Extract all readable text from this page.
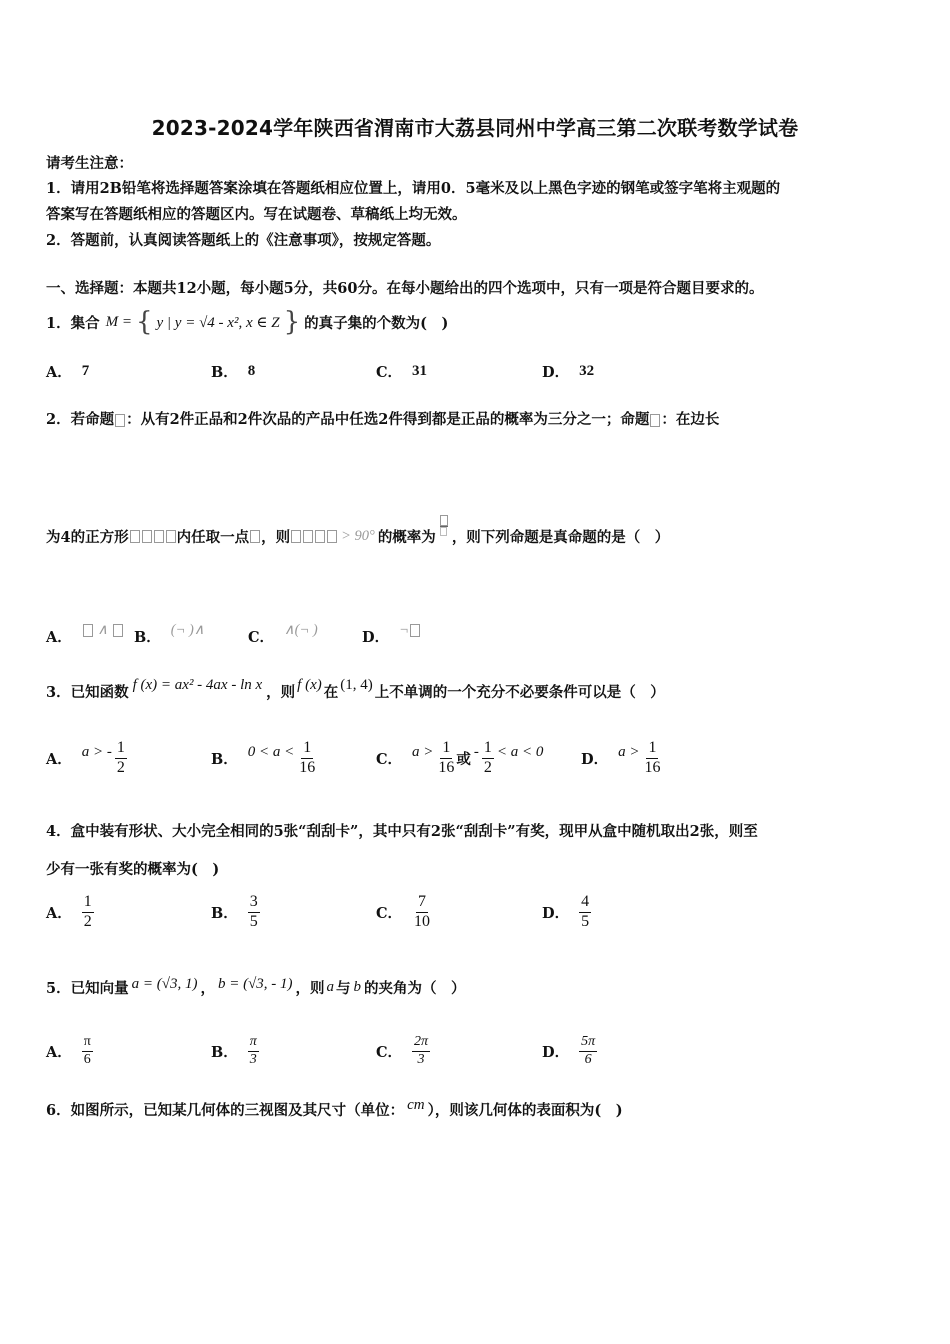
2023-2024学年陕西省渭南市大荔县同州中学高三第二次联考数学试卷
请考生注意：
1．请用2B铅笔将选择题答案涂填在答题纸相应位置上，请用0．5毫米及以上黑色字迹的钢笔或签字笔将主观题的
答案写在答题纸相应的答题区内。写在试题卷、草稿纸上均无效。
2．答题前，认真阅读答题纸上的《注意事项》，按规定答题。
一、选择题：本题共12小题，每小题5分，共60分。在每小题给出的四个选项中，只有一项是符合题目要求的。
1．集合 M = { y | y = √4 - x², x ∈ Z } 的真子集的个数为(　)
A． 7	B． 8	C． 31	D． 32
2．若命题 ：从有2件正品和2件次品的产品中任选2件得到都是正品的概率为三分之一；命题 ：在边长
为4的正方形	内任取一点 ，则	> 90° 的概率为 ，则下列命题是真命题的是（　）
A．	∧	B． (¬ )∧	C． ∧(¬ )	D． ¬
3．已知函数 f (x) = ax² - 4ax - ln x ，则 f (x) 在 (1, 4) 上不单调的一个充分不必要条件可以是（　）
A． a > - $\frac{1}{2}$	B． $0 < a < \frac{1}{16}$	C． $a > \frac{1}{16}$ 或 - $\frac{1}{2} < a < 0$	D． $a > \frac{1}{16}$
4．盒中装有形状、大小完全相同的5张“刮刮卡”，其中只有2张“刮刮卡”有奖，现甲从盒中随机取出2张，则至
少有一张有奖的概率为(　)
A． $\frac{1}{2}$	B． $\frac{3}{5}$	C． $\frac{7}{10}$	D． $\frac{4}{5}$
5．已知向量 a = (√3, 1) ， b = (√3, - 1) ，则 a 与 b 的夹角为（　）
A． $\frac{\pi}{6}$	B． $\frac{\pi}{3}$	C． $\frac{2\pi}{3}$	D． $\frac{5\pi}{6}$
6．如图所示，已知某几何体的三视图及其尺寸（单位： cm ），则该几何体的表面积为(　)
